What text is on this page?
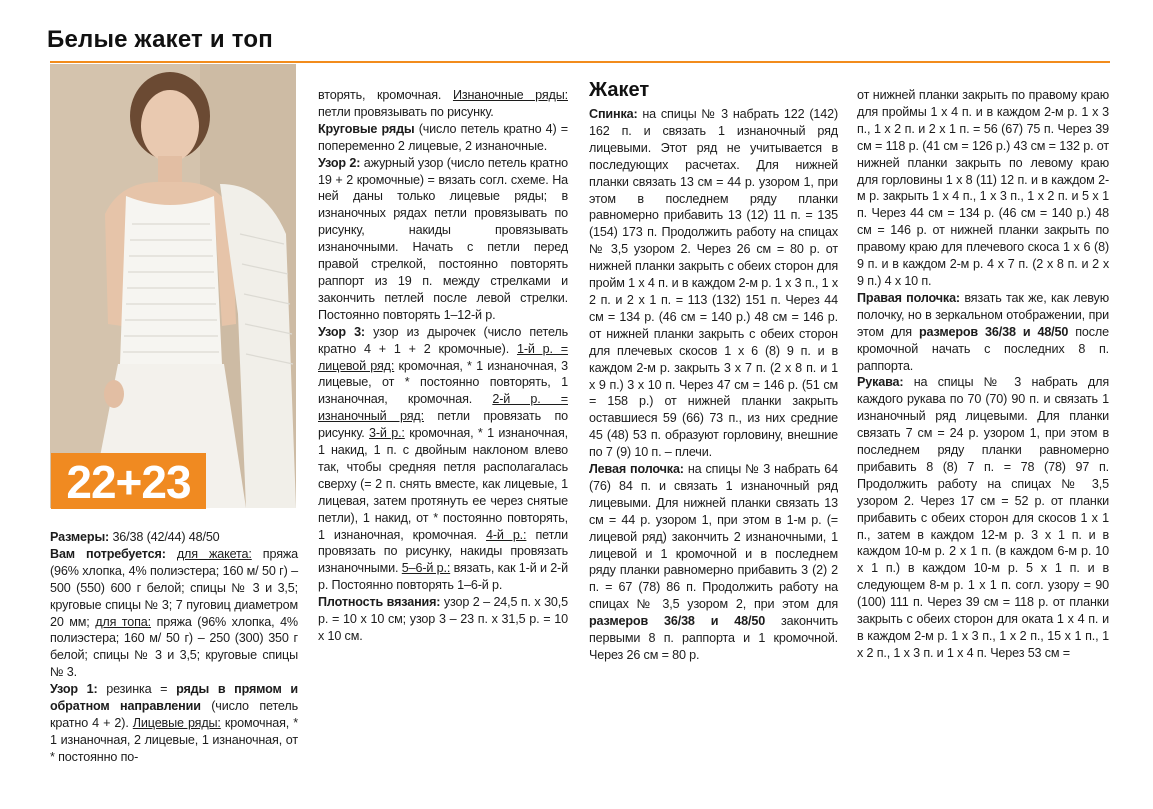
Белые жакет и топ
22+23

Размеры: 36/38 (42/44) 48/50

Вам потребуется: для жакета: пряжа (96% хлопка, 4% полиэстера; 160 м/ 50 г) – 500 (550) 600 г белой; спицы № 3 и 3,5; круговые спицы № 3; 7 пуговиц диаметром 20 мм; для топа: пряжа (96% хлопка, 4% полиэстера; 160 м/ 50 г) – 250 (300) 350 г белой; спицы № 3 и 3,5; круговые спицы № 3.

Узор 1: резинка = ряды в прямом и обратном направлении (число петель кратно 4 + 2). Лицевые ряды: кромочная, * 1 изнаночная, 2 лицевые, 1 изнаночная, от * постоянно по-

вторять, кромочная. Изнаночные ряды: петли провязывать по рисунку.

Круговые ряды (число петель кратно 4) = попеременно 2 лицевые, 2 изнаночные.

Узор 2: ажурный узор (число петель кратно 19 + 2 кромочные) = вязать согл. схеме. На ней даны только лицевые ряды; в изнаночных рядах петли провязывать по рисунку, накиды провязывать изнаночными. Начать с петли перед правой стрелкой, постоянно повторять раппорт из 19 п. между стрелками и закончить петлей после левой стрелки. Постоянно повторять 1–12-й р.

Узор 3: узор из дырочек (число петель кратно 4 + 1 + 2 кромочные). 1-й р. = лицевой ряд: кромочная, * 1 изнаночная, 3 лицевые, от * постоянно повторять, 1 изнаночная, кромочная. 2-й р. = изнаночный ряд: петли провязать по рисунку. 3-й р.: кромочная, * 1 изнаночная, 1 накид, 1 п. с двойным наклоном влево так, чтобы средняя петля располагалась сверху (= 2 п. снять вместе, как лицевые, 1 лицевая, затем протянуть ее через снятые петли), 1 накид, от * постоянно повторять, 1 изнаночная, кромочная. 4-й р.: петли провязать по рисунку, накиды провязать изнаночными. 5–6-й р.: вязать, как 1-й и 2-й р. Постоянно повторять 1–6-й р.

Плотность вязания: узор 2 – 24,5 п. х 30,5 р. = 10 х 10 см; узор 3 – 23 п. х 31,5 р. = 10 х 10 см.

Жакет

Спинка: на спицы № 3 набрать 122 (142) 162 п. и связать 1 изнаночный ряд лицевыми. Этот ряд не учитывается в последующих расчетах. Для нижней планки связать 13 см = 44 р. узором 1, при этом в последнем ряду планки равномерно прибавить 13 (12) 11 п. = 135 (154) 173 п. Продолжить работу на спицах № 3,5 узором 2. Через 26 см = 80 р. от нижней планки закрыть с обеих сторон для пройм 1 х 4 п. и в каждом 2-м р. 1 х 3 п., 1 х 2 п. и 2 х 1 п. = 113 (132) 151 п. Через 44 см = 134 р. (46 см = 140 р.) 48 см = 146 р. от нижней планки закрыть с обеих сторон для плечевых скосов 1 х 6 (8) 9 п. и в каждом 2-м р. закрыть 3 х 7 п. (2 х 8 п. и 1 х 9 п.) 3 х 10 п. Через 47 см = 146 р. (51 см = 158 р.) от нижней планки закрыть оставшиеся 59 (66) 73 п., из них средние 45 (48) 53 п. образуют горловину, внешние по 7 (9) 10 п. – плечи.

Левая полочка: на спицы № 3 набрать 64 (76) 84 п. и связать 1 изнаночный ряд лицевыми. Для нижней планки связать 13 см = 44 р. узором 1, при этом в 1-м р. (= лицевой ряд) закончить 2 изнаночными, 1 лицевой и 1 кромочной и в последнем ряду планки равномерно прибавить 3 (2) 2 п. = 67 (78) 86 п. Продолжить работу на спицах № 3,5 узором 2, при этом для размеров 36/38 и 48/50 закончить первыми 8 п. раппорта и 1 кромочной. Через 26 см = 80 р.

от нижней планки закрыть по правому краю для проймы 1 х 4 п. и в каждом 2-м р. 1 х 3 п., 1 х 2 п. и 2 х 1 п. = 56 (67) 75 п. Через 39 см = 118 р. (41 см = 126 р.) 43 см = 132 р. от нижней планки закрыть по левому краю для горловины 1 х 8 (11) 12 п. и в каждом 2-м р. закрыть 1 х 4 п., 1 х 3 п., 1 х 2 п. и 5 х 1 п. Через 44 см = 134 р. (46 см = 140 р.) 48 см = 146 р. от нижней планки закрыть по правому краю для плечевого скоса 1 х 6 (8) 9 п. и в каждом 2-м р. 4 х 7 п. (2 х 8 п. и 2 х 9 п.) 4 х 10 п.

Правая полочка: вязать так же, как левую полочку, но в зеркальном отображении, при этом для размеров 36/38 и 48/50 после кромочной начать с последних 8 п. раппорта.

Рукава: на спицы № 3 набрать для каждого рукава по 70 (70) 90 п. и связать 1 изнаночный ряд лицевыми. Для планки связать 7 см = 24 р. узором 1, при этом в последнем ряду планки равномерно прибавить 8 (8) 7 п. = 78 (78) 97 п. Продолжить работу на спицах № 3,5 узором 2. Через 17 см = 52 р. от планки прибавить с обеих сторон для скосов 1 х 1 п., затем в каждом 12-м р. 3 х 1 п. и в каждом 10-м р. 2 х 1 п. (в каждом 6-м р. 10 х 1 п.) в каждом 10-м р. 5 х 1 п. и в следующем 8-м р. 1 х 1 п. согл. узору = 90 (100) 111 п. Через 39 см = 118 р. от планки закрыть с обеих сторон для оката 1 х 4 п. и в каждом 2-м р. 1 х 3 п., 1 х 2 п., 15 х 1 п., 1 х 2 п., 1 х 3 п. и 1 х 4 п. Через 53 см =
